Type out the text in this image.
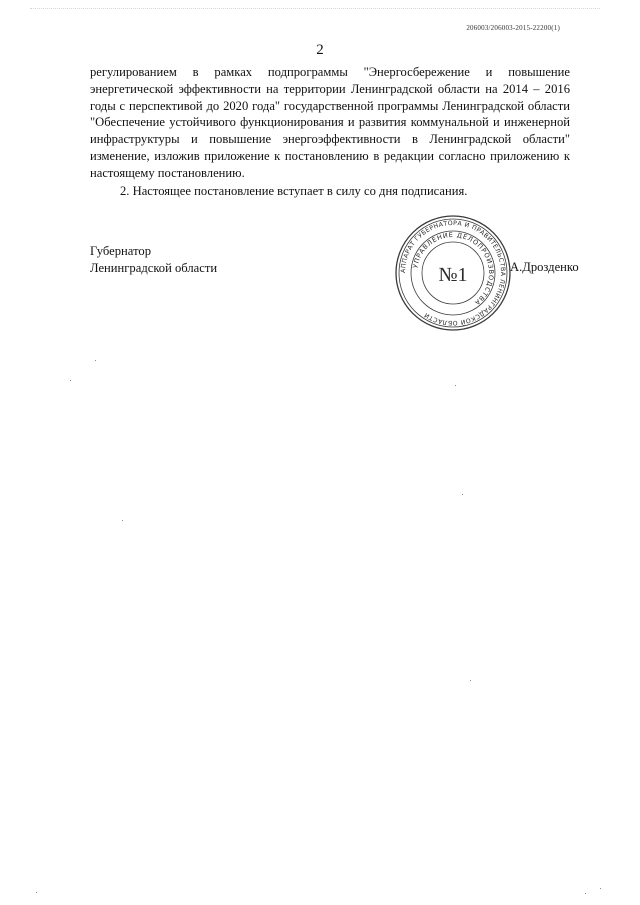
206003/206003-2015-22200(1)
2

регулированием в рамках подпрограммы "Энергосбережение и повышение энергетической эффективности на территории Ленинградской области на 2014 – 2016 годы с перспективой до 2020 года" государственной программы Ленинградской области "Обеспечение устойчивого функционирования и развития коммунальной и инженерной инфраструктуры и повышение энергоэффективности в Ленинградской области" изменение, изложив приложение к постановлению в редакции согласно приложению к настоящему постановлению.

2. Настоящее постановление вступает в силу со дня подписания.

Губернатор
Ленинградской области	АППАРАТ ГУБЕРНАТОРА И ПРАВИТЕЛЬСТВА ЛЕНИНГРАДСКОЙ ОБЛАСТИ
УПРАВЛЕНИЕ ДЕЛОПРОИЗВОДСТВА
№1	А.Дрозденко
